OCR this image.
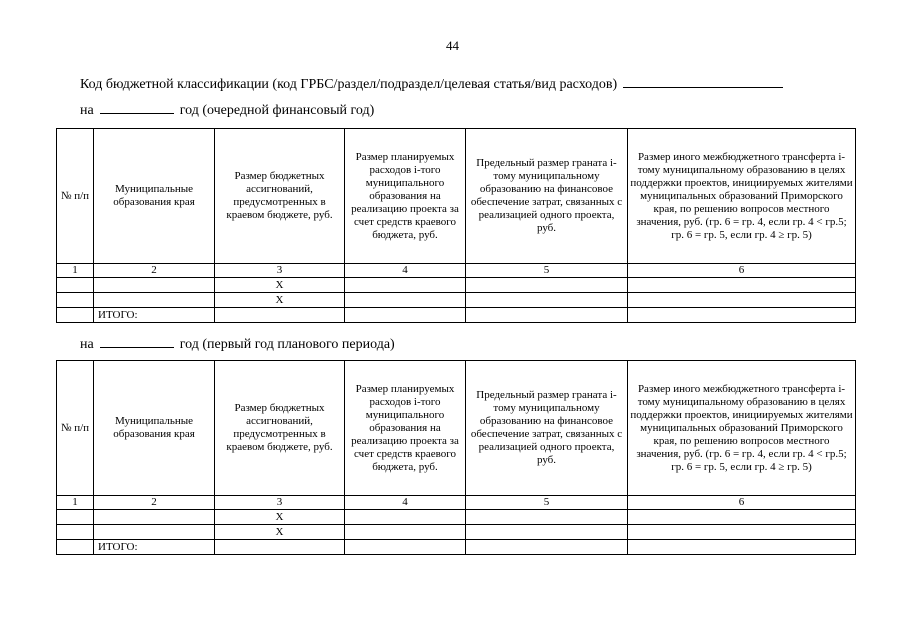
44
Код бюджетной классификации (код ГРБС/раздел/подраздел/целевая статья/вид расходов)
на	год (очередной финансовый год)
№ п/п	Муниципальные образования края	Размер бюджетных ассигнований, предусмотренных в краевом бюджете, руб.	Размер планируемых расходов i-того муниципального образования на реализацию проекта за счет средств краевого бюджета, руб.	Предельный размер граната i-тому муниципальному образованию на финансовое обеспечение затрат, связанных с реализацией одного проекта, руб.	Размер иного межбюджетного трансферта i-тому муниципальному образованию в целях поддержки проектов, инициируемых жителями муниципальных образований Приморского края, по решению вопросов местного значения, руб. (гр. 6 = гр. 4, если гр. 4 < гр.5; гр. 6 = гр. 5, если гр. 4 ≥ гр. 5)
1	2	3	4	5	6
		X			
		X			
	ИТОГО:				
на	год (первый год планового периода)
№ п/п	Муниципальные образования края	Размер бюджетных ассигнований, предусмотренных в краевом бюджете, руб.	Размер планируемых расходов i-того муниципального образования на реализацию проекта за счет средств краевого бюджета, руб.	Предельный размер граната i-тому муниципальному образованию на финансовое обеспечение затрат, связанных с реализацией одного проекта, руб.	Размер иного межбюджетного трансферта i-тому муниципальному образованию в целях поддержки проектов, инициируемых жителями муниципальных образований Приморского края, по решению вопросов местного значения, руб. (гр. 6 = гр. 4, если гр. 4 < гр.5; гр. 6 = гр. 5, если гр. 4 ≥ гр. 5)
1	2	3	4	5	6
		X			
		X			
	ИТОГО:				
